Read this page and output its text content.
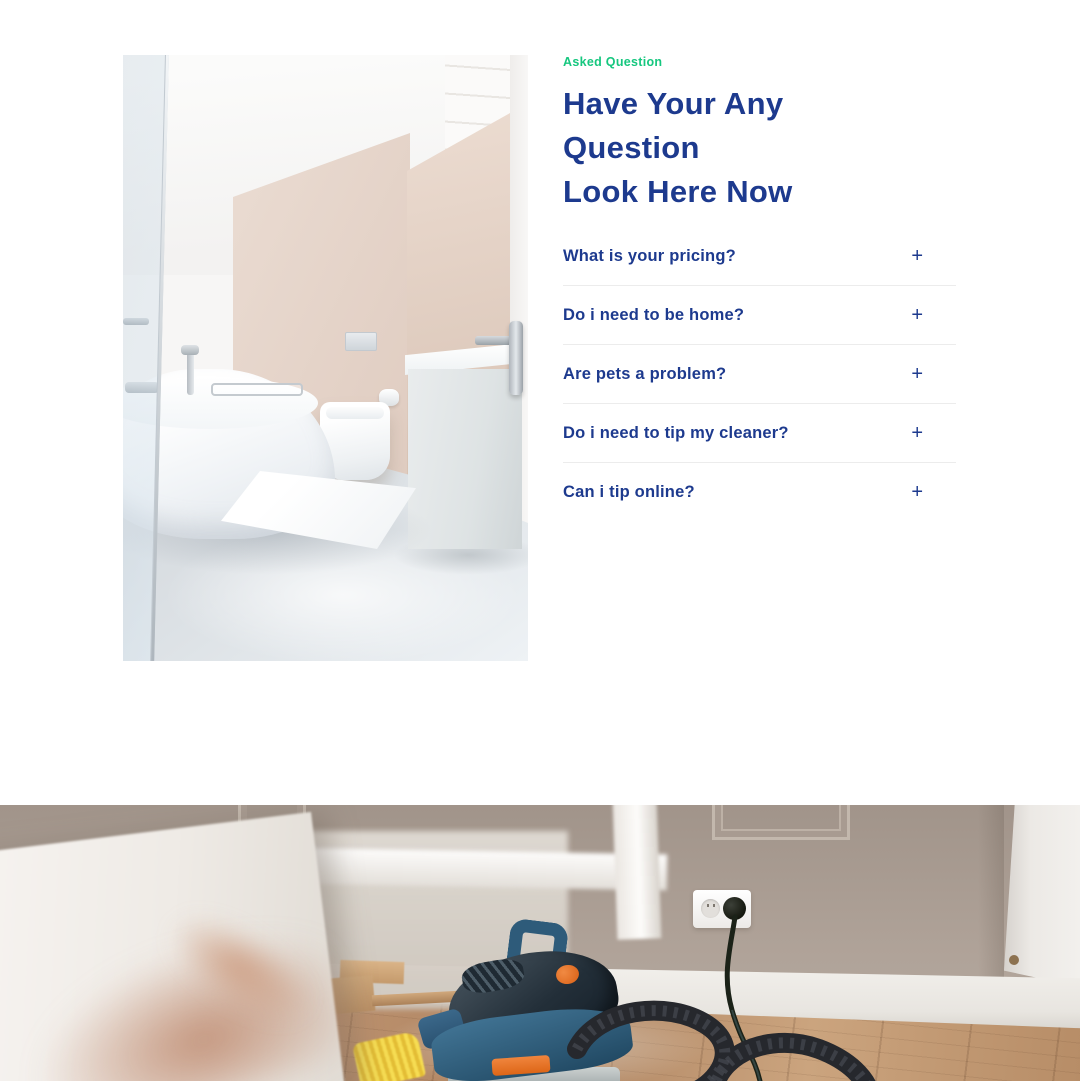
Asked Question
Have Your Any
Question
Look Here Now
What is your pricing?	+
Do i need to be home?	+
Are pets a problem?	+
Do i need to tip my cleaner?	+
Can i tip online?	+
